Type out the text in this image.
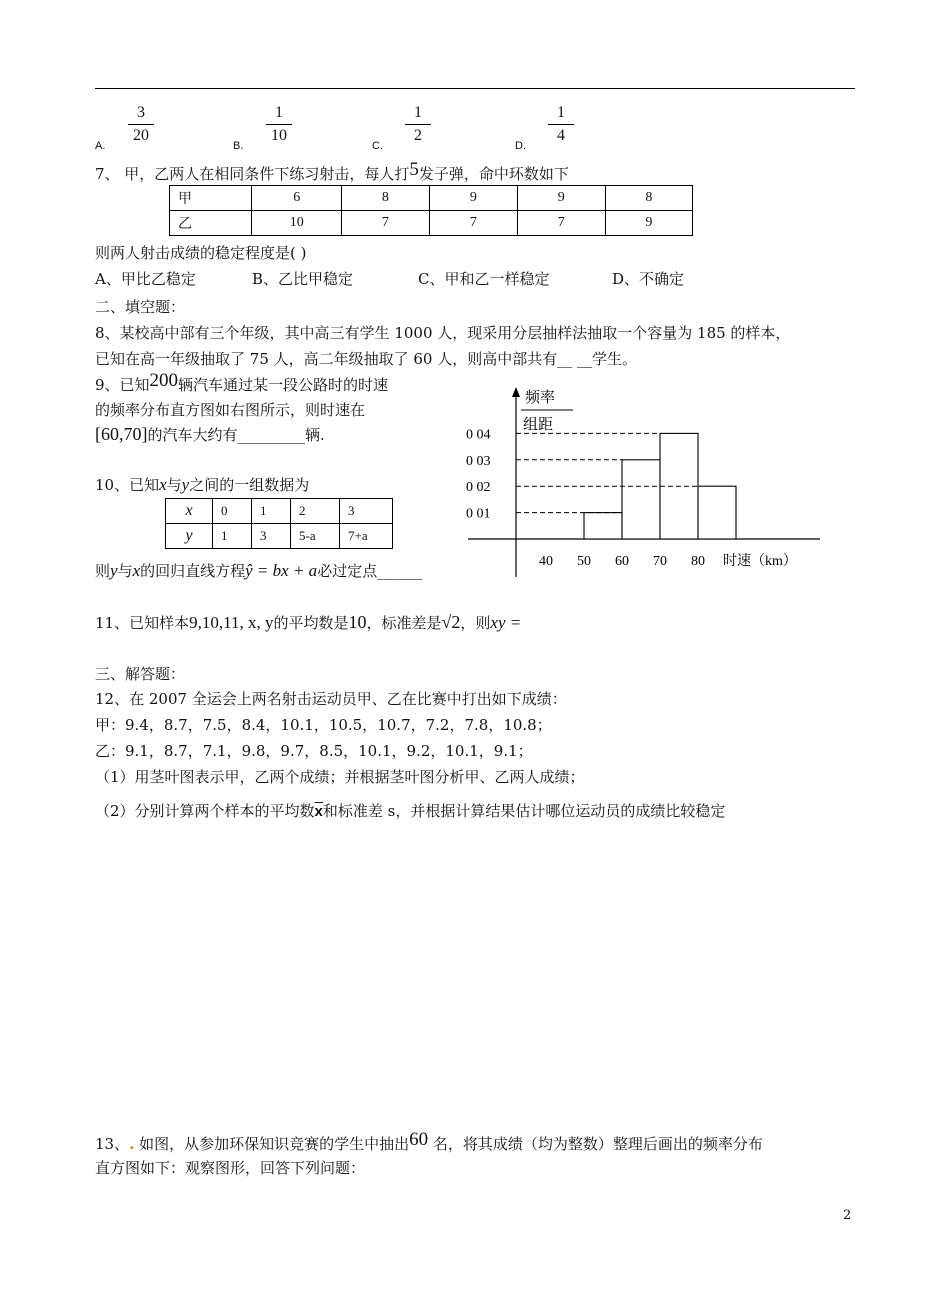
A.
3
20
B.
1
10
C.
1
2
D.
1
4
7、 甲，乙两人在相同条件下练习射击，每人打5发子弹，命中环数如下
甲	6	8	9	9	8
乙	10	7	7	7	9
则两人射击成绩的稳定程度是( )
A、甲比乙稳定	B、乙比甲稳定	C、甲和乙一样稳定	D、不确定
二、填空题：
8、某校高中部有三个年级，其中高三有学生 1000 人，现采用分层抽样法抽取一个容量为 185 的样本，
已知在高一年级抽取了 75 人，高二年级抽取了 60 人，则高中部共有__ __学生。
9、已知200辆汽车通过某一段公路时的时速
的频率分布直方图如右图所示，则时速在
[60,70]的汽车大约有_________辆.
10、已知x与y之间的一组数据为
x	0	1	2	3
y	1	3	5-a	7+a
则y与x的回归直线方程ŷ = bx + a必过定点______
频率
组距
0 01
0 02
0 03
0 04
40 50 60 70 80 时速（km）
11、已知样本9,10,11, x, y的平均数是10，标准差是√2，则xy =
三、解答题：
12、在 2007 全运会上两名射击运动员甲、乙在比赛中打出如下成绩：
甲：9.4，8.7，7.5，8.4，10.1，10.5，10.7，7.2，7.8，10.8；
乙：9.1，8.7，7.1，9.8，9.7，8.5，10.1，9.2，10.1，9.1；
（1）用茎叶图表示甲，乙两个成绩；并根据茎叶图分析甲、乙两人成绩；
（2）分别计算两个样本的平均数$\overline{x}$和标准差 s，并根据计算结果估计哪位运动员的成绩比较稳定
13、. 如图，从参加环保知识竞赛的学生中抽出60 名，将其成绩（均为整数）整理后画出的频率分布
直方图如下：观察图形，回答下列问题：
2
